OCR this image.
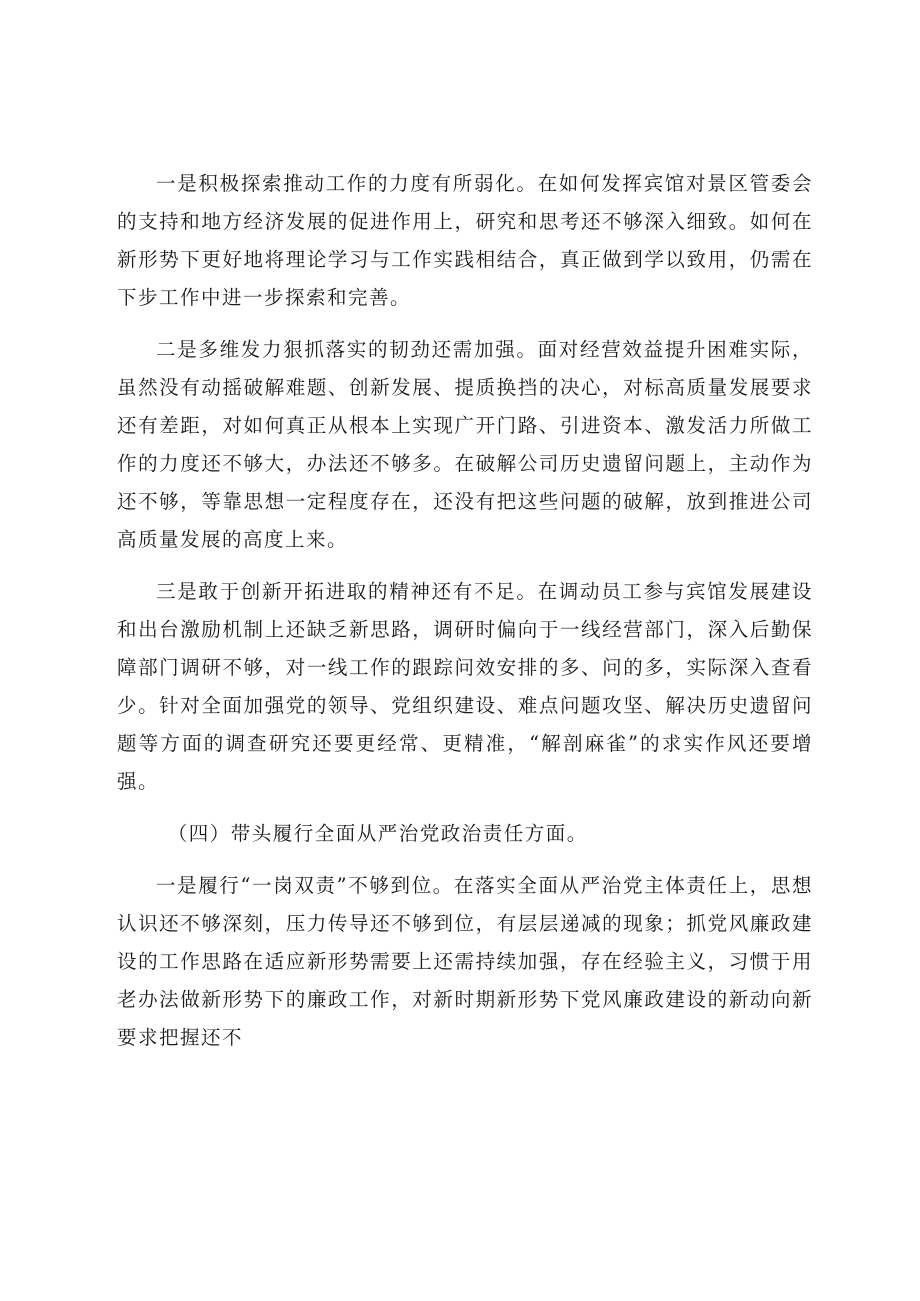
一是积极探索推动工作的力度有所弱化。在如何发挥宾馆对景区管委会的支持和地方经济发展的促进作用上，研究和思考还不够深入细致。如何在新形势下更好地将理论学习与工作实践相结合，真正做到学以致用，仍需在下步工作中进一步探索和完善。

二是多维发力狠抓落实的韧劲还需加强。面对经营效益提升困难实际，虽然没有动摇破解难题、创新发展、提质换挡的决心，对标高质量发展要求还有差距，对如何真正从根本上实现广开门路、引进资本、激发活力所做工作的力度还不够大，办法还不够多。在破解公司历史遗留问题上，主动作为还不够，等靠思想一定程度存在，还没有把这些问题的破解，放到推进公司高质量发展的高度上来。

三是敢于创新开拓进取的精神还有不足。在调动员工参与宾馆发展建设和出台激励机制上还缺乏新思路，调研时偏向于一线经营部门，深入后勤保障部门调研不够，对一线工作的跟踪问效安排的多、问的多，实际深入查看少。针对全面加强党的领导、党组织建设、难点问题攻坚、解决历史遗留问题等方面的调查研究还要更经常、更精准，“解剖麻雀”的求实作风还要增强。

（四）带头履行全面从严治党政治责任方面。

一是履行“一岗双责”不够到位。在落实全面从严治党主体责任上，思想认识还不够深刻，压力传导还不够到位，有层层递减的现象；抓党风廉政建设的工作思路在适应新形势需要上还需持续加强，存在经验主义，习惯于用老办法做新形势下的廉政工作，对新时期新形势下党风廉政建设的新动向新要求把握还不
